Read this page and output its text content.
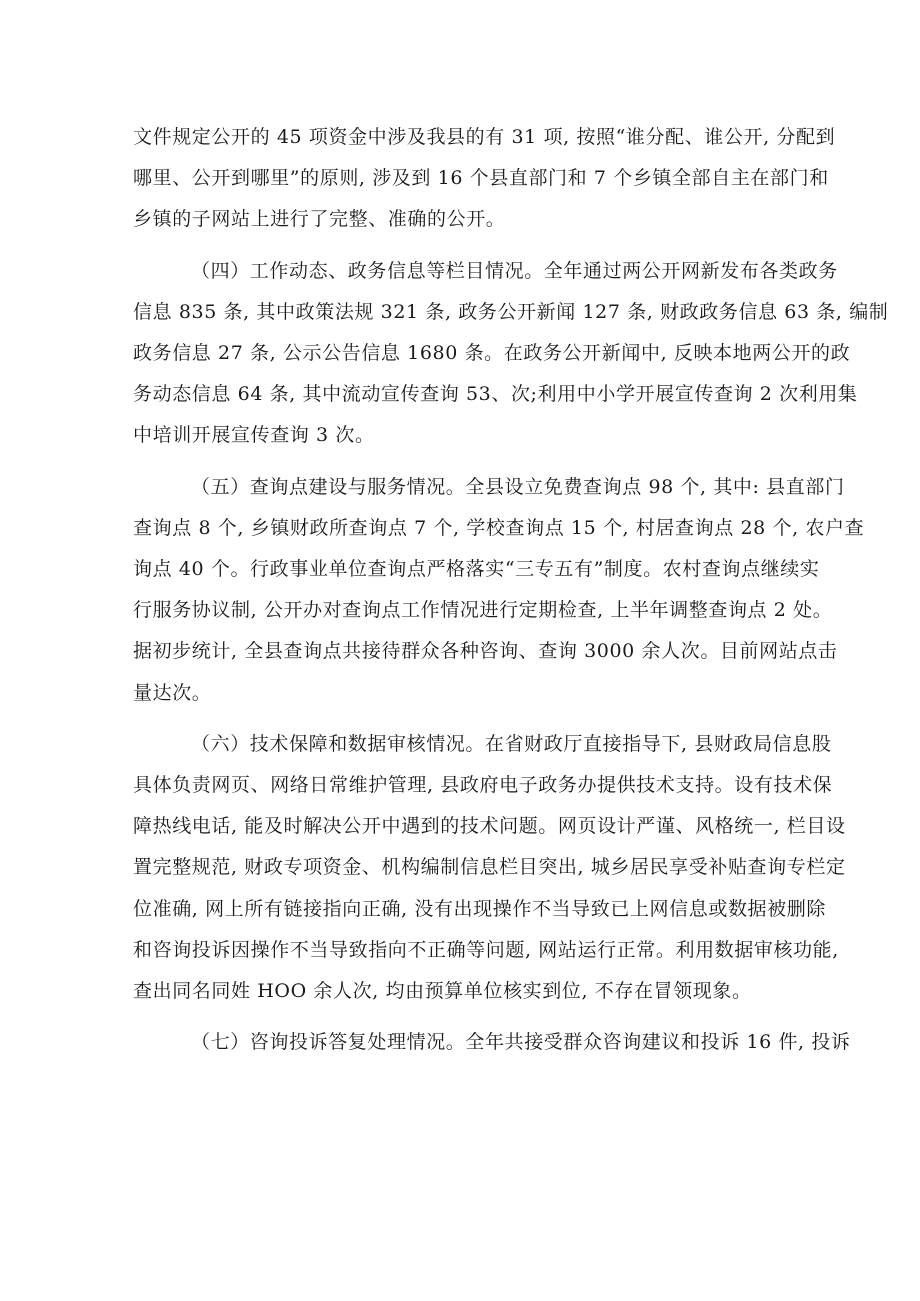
文件规定公开的 45 项资金中涉及我县的有 31 项, 按照“谁分配、谁公开, 分配到
哪里、公开到哪里”的原则, 涉及到 16 个县直部门和 7 个乡镇全部自主在部门和
乡镇的子网站上进行了完整、准确的公开。
（四）工作动态、政务信息等栏目情况。全年通过两公开网新发布各类政务
信息 835 条, 其中政策法规 321 条, 政务公开新闻 127 条, 财政政务信息 63 条, 编制
政务信息 27 条, 公示公告信息 1680 条。在政务公开新闻中, 反映本地两公开的政
务动态信息 64 条, 其中流动宣传查询 53、次;利用中小学开展宣传查询 2 次利用集
中培训开展宣传查询 3 次。
（五）查询点建设与服务情况。全县设立免费查询点 98 个, 其中: 县直部门
查询点 8 个, 乡镇财政所查询点 7 个, 学校查询点 15 个, 村居查询点 28 个, 农户查
询点 40 个。行政事业单位查询点严格落实“三专五有”制度。农村查询点继续实
行服务协议制, 公开办对查询点工作情况进行定期检查, 上半年调整查询点 2 处。
据初步统计, 全县查询点共接待群众各种咨询、查询 3000 余人次。目前网站点击
量达次。
（六）技术保障和数据审核情况。在省财政厅直接指导下, 县财政局信息股
具体负责网页、网络日常维护管理, 县政府电子政务办提供技术支持。设有技术保
障热线电话, 能及时解决公开中遇到的技术问题。网页设计严谨、风格统一, 栏目设
置完整规范, 财政专项资金、机构编制信息栏目突出, 城乡居民享受补贴查询专栏定
位准确, 网上所有链接指向正确, 没有出现操作不当导致已上网信息或数据被删除
和咨询投诉因操作不当导致指向不正确等问题, 网站运行正常。利用数据审核功能,
查出同名同姓 HOO 余人次, 均由预算单位核实到位, 不存在冒领现象。
（七）咨询投诉答复处理情况。全年共接受群众咨询建议和投诉 16 件, 投诉
